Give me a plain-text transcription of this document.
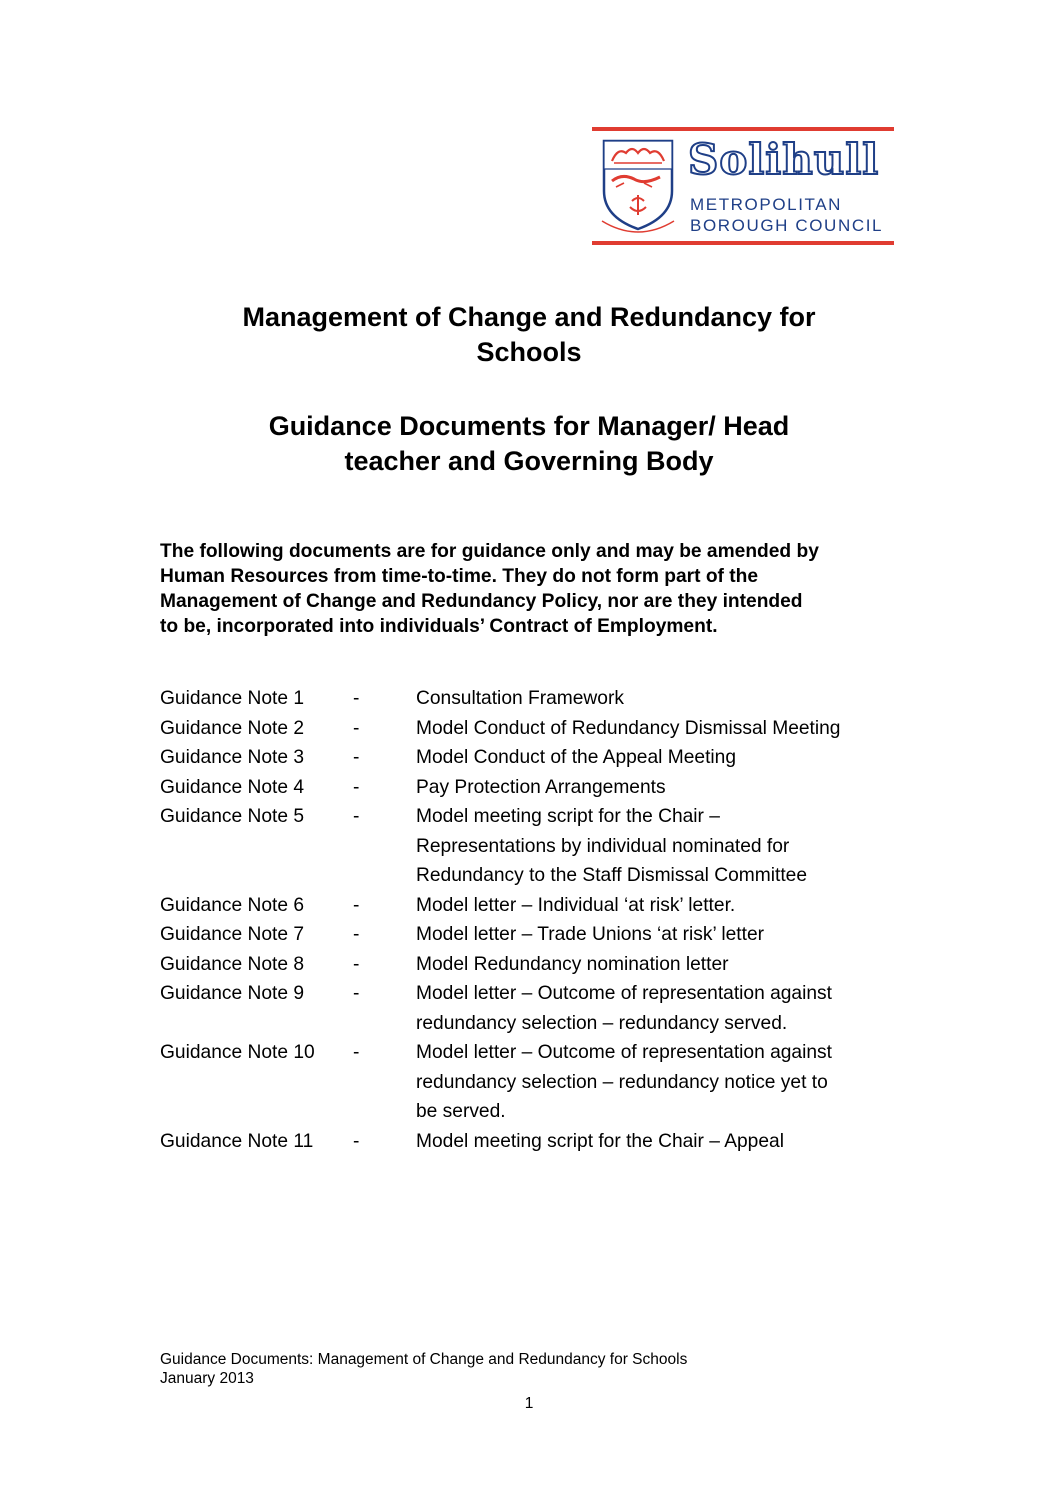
Solihull
METROPOLITAN
BOROUGH COUNCIL
Management of Change and Redundancy for
Schools
Guidance Documents for Manager/ Head
teacher and Governing Body
The following documents are for guidance only and may be amended by
Human Resources from time-to-time. They do not form part of the
Management of Change and Redundancy Policy, nor are they intended
to be, incorporated into individuals’ Contract of Employment.
Guidance Note 1	-	Consultation Framework
Guidance Note 2	-	Model Conduct of Redundancy Dismissal Meeting
Guidance Note 3	-	Model Conduct of the Appeal Meeting
Guidance Note 4	-	Pay Protection Arrangements
Guidance Note 5	-	Model meeting script for the Chair –
Representations by individual nominated for
Redundancy to the Staff Dismissal Committee
Guidance Note 6	-	Model letter – Individual ‘at risk’ letter.
Guidance Note 7	-	Model letter – Trade Unions ‘at risk’ letter
Guidance Note 8	-	Model Redundancy nomination letter
Guidance Note 9	-	Model letter – Outcome of representation against
redundancy selection – redundancy served.
Guidance Note 10	-	Model letter – Outcome of representation against
redundancy selection – redundancy notice yet to
be served.
Guidance Note 11	-	Model meeting script for the Chair – Appeal
Guidance Documents: Management of Change and Redundancy for Schools
January 2013
1
